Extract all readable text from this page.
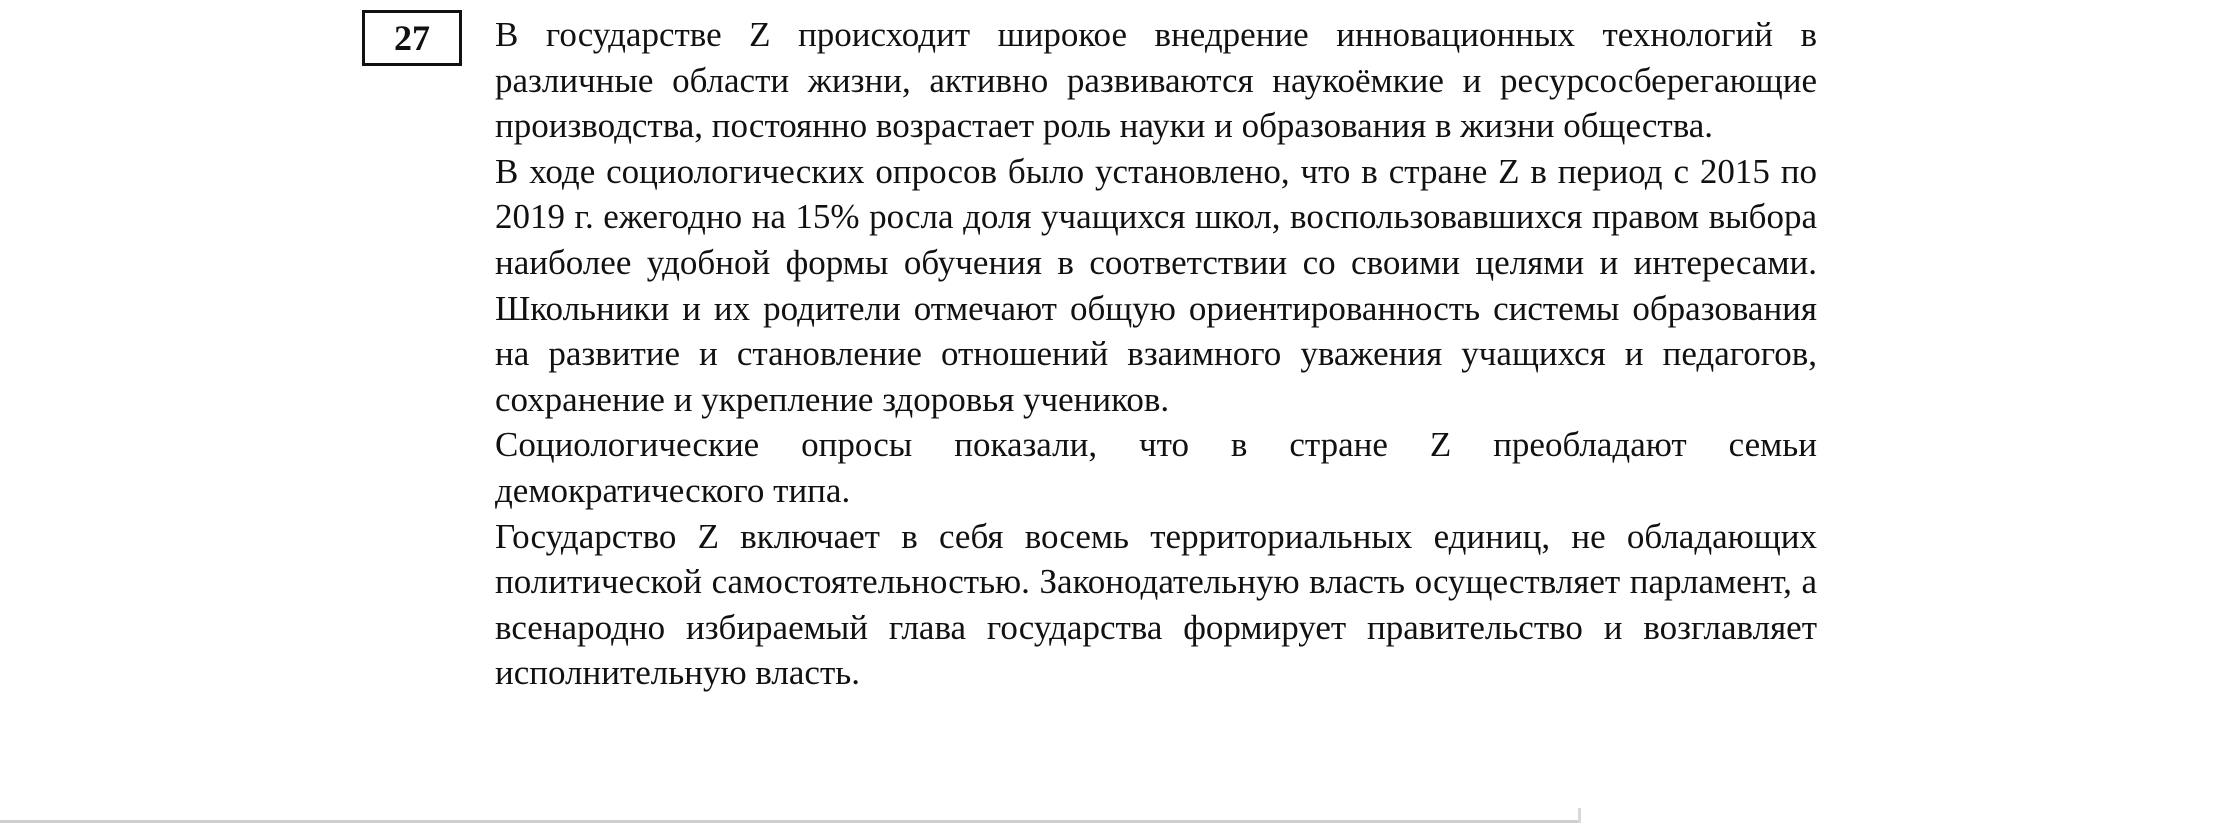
27 В государстве Z происходит широкое внедрение инновационных технологий в различные области жизни, активно развиваются наукоёмкие и ресурсосберегающие производства, постоянно возрастает роль науки и образования в жизни общества.

В ходе социологических опросов было установлено, что в стране Z в период с 2015 по 2019 г. ежегодно на 15% росла доля учащихся школ, воспользовавшихся правом выбора наиболее удобной формы обучения в соответствии со своими целями и интересами. Школьники и их родители отмечают общую ориентированность системы образования на развитие и становление отношений взаимного уважения учащихся и педагогов, сохранение и укрепление здоровья учеников.

Социологические опросы показали, что в стране Z преобладают семьи демократического типа.

Государство Z включает в себя восемь территориальных единиц, не обладающих политической самостоятельностью. Законодательную власть осуществляет парламент, а всенародно избираемый глава государства формирует правительство и возглавляет исполнительную власть.
